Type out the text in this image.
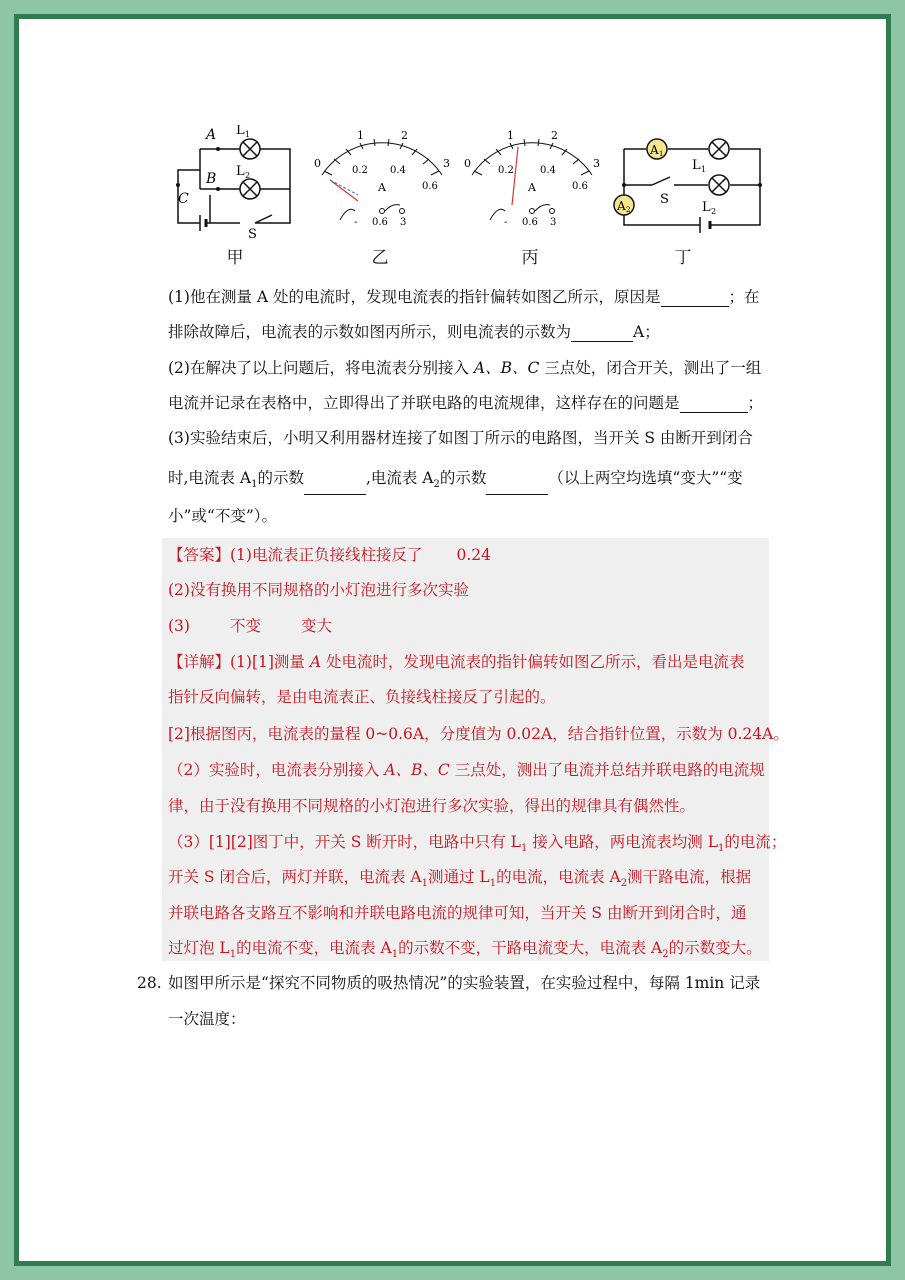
A
B
C
L 1
L 2
S
0
1	2
3
0.2 0.4
0.6
A
- 0.6 3
0
1	2
3
0.2	0.4
0.6
A
- 0.6 3
A 1
A 2
L 1
L 2
S
甲	乙	丙	丁
(1)他在测量 A 处的电流时，发现电流表的指针偏转如图乙所示，原因是	；在
排除故障后，电流表的示数如图丙所示，则电流表的示数为	A；
(2)在解决了以上问题后，将电流表分别接入 A、B、C 三点处，闭合开关，测出了一组
电流并记录在表格中，立即得出了并联电路的电流规律，这样存在的问题是	；
(3)实验结束后，小明又利用器材连接了如图丁所示的电路图，当开关 S 由断开到闭合
时,电流表 $A_1$的示数	,电流表 $A_2$的示数	（以上两空均选填“变大”“变
小”或“不变”）。
【答案】(1)电流表正负接线柱接反了 0.24
(2)没有换用不同规格的小灯泡进行多次实验
(3)	不变	变大
【详解】(1)[1]测量 A 处电流时，发现电流表的指针偏转如图乙所示，看出是电流表
指针反向偏转，是由电流表正、负接线柱接反了引起的。
[2]根据图丙，电流表的量程 0~0.6A，分度值为 0.02A，结合指针位置，示数为 0.24A。
（2）实验时，电流表分别接入 A、B、C 三点处，测出了电流并总结并联电路的电流规
律，由于没有换用不同规格的小灯泡进行多次实验，得出的规律具有偶然性。
（3）[1][2]图丁中，开关 S 断开时，电路中只有 $L_1$ 接入电路，两电流表均测 $L_1$的电流；
开关 S 闭合后，两灯并联，电流表 $A_1$测通过 $L_1$的电流，电流表 $A_2$测干路电流，根据
并联电路各支路互不影响和并联电路电流的规律可知，当开关 S 由断开到闭合时，通
过灯泡 $L_1$的电流不变，电流表 $A_1$的示数不变，干路电流变大，电流表 $A_2$的示数变大。
28. 如图甲所示是“探究不同物质的吸热情况”的实验装置，在实验过程中，每隔 1min 记录
一次温度：
